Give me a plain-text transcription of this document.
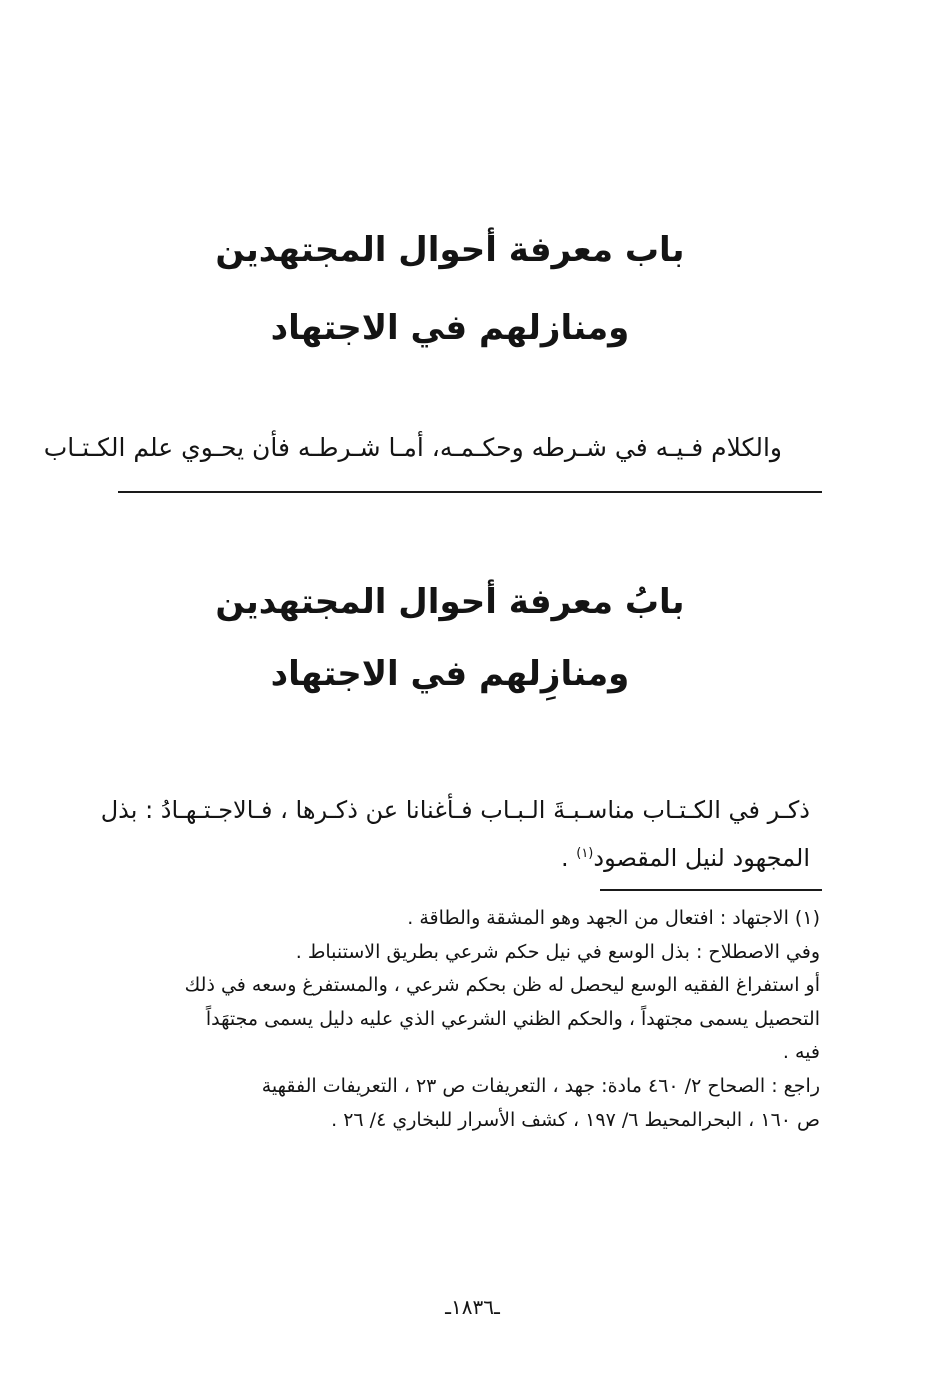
باب معرفة أحوال المجتهدين
ومنازلهم في الاجتهاد
والكلام فـيـه في شـرطه وحكـمـه، أمـا شـرطـه فأن يحـوي علم الكـتـاب
بابُ معرفة أحوال المجتهدين
ومنازِلهم في الاجتهاد
ذكـر في الكـتـاب مناسـبـةَ الـبـاب فـأغنانا عن ذكـرها ، فـالاجـتـهـادُ : بذل
المجهود لنيل المقصود$^{(١)}$ .
(١) الاجتهاد : افتعال من الجهد وهو المشقة والطاقة .
وفي الاصطلاح : بذل الوسع في نيل حكم شرعي بطريق الاستنباط .
أو استفراغ الفقيه الوسع ليحصل له ظن بحكم شرعي ، والمستفرغ وسعه في ذلك
التحصيل يسمى مجتهداً ، والحكم الظني الشرعي الذي عليه دليل يسمى مجتهَداً
فيه .
راجع : الصحاح ٢/ ٤٦٠ مادة: جهد ، التعريفات ص ٢٣ ، التعريفات الفقهية
ص ١٦٠ ، البحرالمحيط ٦/ ١٩٧ ، كشف الأسرار للبخاري ٤/ ٢٦ .
ـ١٨٣٦ـ
